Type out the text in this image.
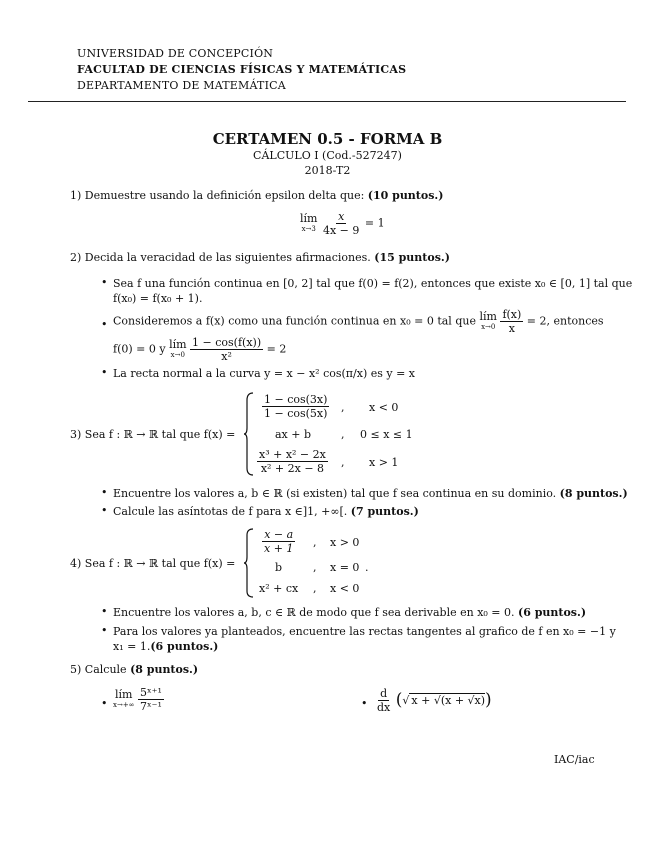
UNIVERSIDAD DE CONCEPCIÓN
FACULTAD DE CIENCIAS FÍSICAS Y MATEMÁTICAS
DEPARTAMENTO DE MATEMÁTICA
CERTAMEN 0.5 - FORMA B
CÁLCULO I (Cod.-527247)
2018-T2
1) Demuestre usando la definición epsilon delta que: (10 puntos.)
lím
x→3
$\frac{x}{4x - 9} = 1$
2) Decida la veracidad de las siguientes afirmaciones. (15 puntos.)
• Sea f una función continua en [0, 2] tal que f(0) = f(2), entonces que existe x₀ ∈ [0, 1] tal que
f(x₀) = f(x₀ + 1).
• Consideremos a f(x) como una función continua en x₀ = 0 tal que lím
x→0
$\frac{f(x)}{x} = 2$, entonces
f(0) = 0 y lím
x→0
$\frac{1 - \cos(f(x))}{\text{x²}} = 2$
• La recta normal a la curva y = x − x² cos(π/x) es y = x
3) Sea f : ℝ → ℝ tal que f(x) =
$\frac{1 - \cos(3x)}{1 - \cos(5x)}$ , x < 0
ax + b	, 0 ≤ x ≤ 1
$\frac{\text{x³ + x² − 2x}}{\text{x² + 2x − 8}}$ , x > 1
• Encuentre los valores a, b ∈ ℝ (si existen) tal que f sea continua en su dominio. (8 puntos.)
• Calcule las asíntotas de f para x ∈]1, +∞[. (7 puntos.)
4) Sea f : ℝ → ℝ tal que f(x) =
$\frac{x - a}{x + 1}$ , x > 0
b	, x = 0 .
x² + cx , x < 0
• Encuentre los valores a, b, c ∈ ℝ de modo que f sea derivable en x₀ = 0. (6 puntos.)
• Para los valores ya planteados, encuentre las rectas tangentes al grafico de f en x₀ = −1 y
x₁ = 1.(6 puntos.)
5) Calcule (8 puntos.)
•
lím
x→+∞
$\frac{\text{5ˣ⁺¹}}{\text{7ˣ⁻¹}}$	• $\frac{d}{dx}$ (√ x + √(x + √x))
IAC/iac
